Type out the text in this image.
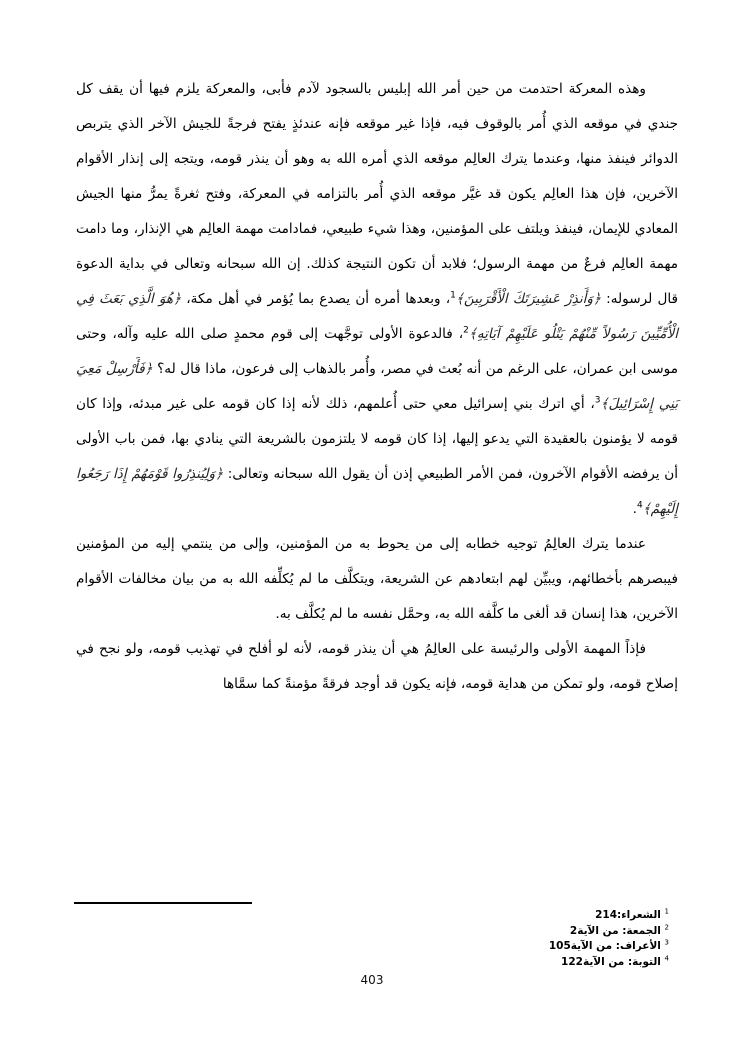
وهذه المعركة احتدمت من حين أمر الله إبليس بالسجود لآدم فأبى، والمعركة يلزم فيها أن يقف كل جندي في موقعه الذي أُمر بالوقوف فيه، فإذا غير موقعه فإنه عندئذٍ يفتح فرجةً للجيش الآخر الذي يتربص الدوائر فينفذ منها، وعندما يترك العالِم موقعه الذي أمره الله به وهو أن ينذر قومه، ويتجه إلى إنذار الأقوام الآخرين، فإن هذا العالِم يكون قد غيَّر موقعه الذي أُمر بالتزامه في المعركة، وفتح ثغرةً يمرُّ منها الجيش المعادي للإيمان، فينفذ ويلتف على المؤمنين، وهذا شيء طبيعي، فمادامت مهمة العالِم هي الإنذار، وما دامت مهمة العالِم فرعٌ من مهمة الرسول؛ فلابد أن تكون النتيجة كذلك. إن الله سبحانه وتعالى في بداية الدعوة قال لرسوله: ﴿وَأَنذِرْ عَشِيرَتَكَ الْأَقْرَبِينَ﴾$^1$، وبعدها أمره أن يصدع بما يُؤمر في أهل مكة، ﴿هُوَ الَّذِي بَعَثَ فِي الْأُمِّيِّينَ رَسُولاً مِّنْهُمْ يَتْلُو عَلَيْهِمْ آيَاتِهِ﴾$^2$، فالدعوة الأولى توجَّهت إلى قوم محمدٍ صلى الله عليه وآله، وحتى موسى ابن عمران، على الرغم من أنه بُعث في مصر، وأُمر بالذهاب إلى فرعون، ماذا قال له؟ ﴿فَأَرْسِلْ مَعِيَ بَنِي إِسْرَائِيلَ﴾$^3$، أي اترك بني إسرائيل معي حتى أُعلمهم، ذلك لأنه إذا كان قومه على غير مبدئه، وإذا كان قومه لا يؤمنون بالعقيدة التي يدعو إليها، إذا كان قومه لا يلتزمون بالشريعة التي ينادي بها، فمن باب الأولى أن يرفضه الأقوام الآخرون، فمن الأمر الطبيعي إذن أن يقول الله سبحانه وتعالى: ﴿وَلِيُنذِرُوا قَوْمَهُمْ إِذَا رَجَعُوا إِلَيْهِمْ﴾$^4$.

عندما يترك العالِمُ توجيه خطابه إلى من يحوط به من المؤمنين، وإلى من ينتمي إليه من المؤمنين فيبصرهم بأخطائهم، ويبيِّن لهم ابتعادهم عن الشريعة، ويتكلَّف ما لم يُكلِّفه الله به من بيان مخالفات الأقوام الآخرين، هذا إنسان قد ألغى ما كلَّفه الله به، وحمَّل نفسه ما لم يُكلَّف به.

فإذاً المهمة الأولى والرئيسة على العالِمُ هي أن ينذر قومه، لأنه لو أفلح في تهذيب قومه، ولو نجح في إصلاح قومه، ولو تمكن من هداية قومه، فإنه يكون قد أوجد فرقةً مؤمنةً كما سمَّاها

$^1$ الشعراء:214
$^2$ الجمعة: من الآية2
$^3$ الأعراف: من الآية105
$^4$ التوبة: من الآية122
403
